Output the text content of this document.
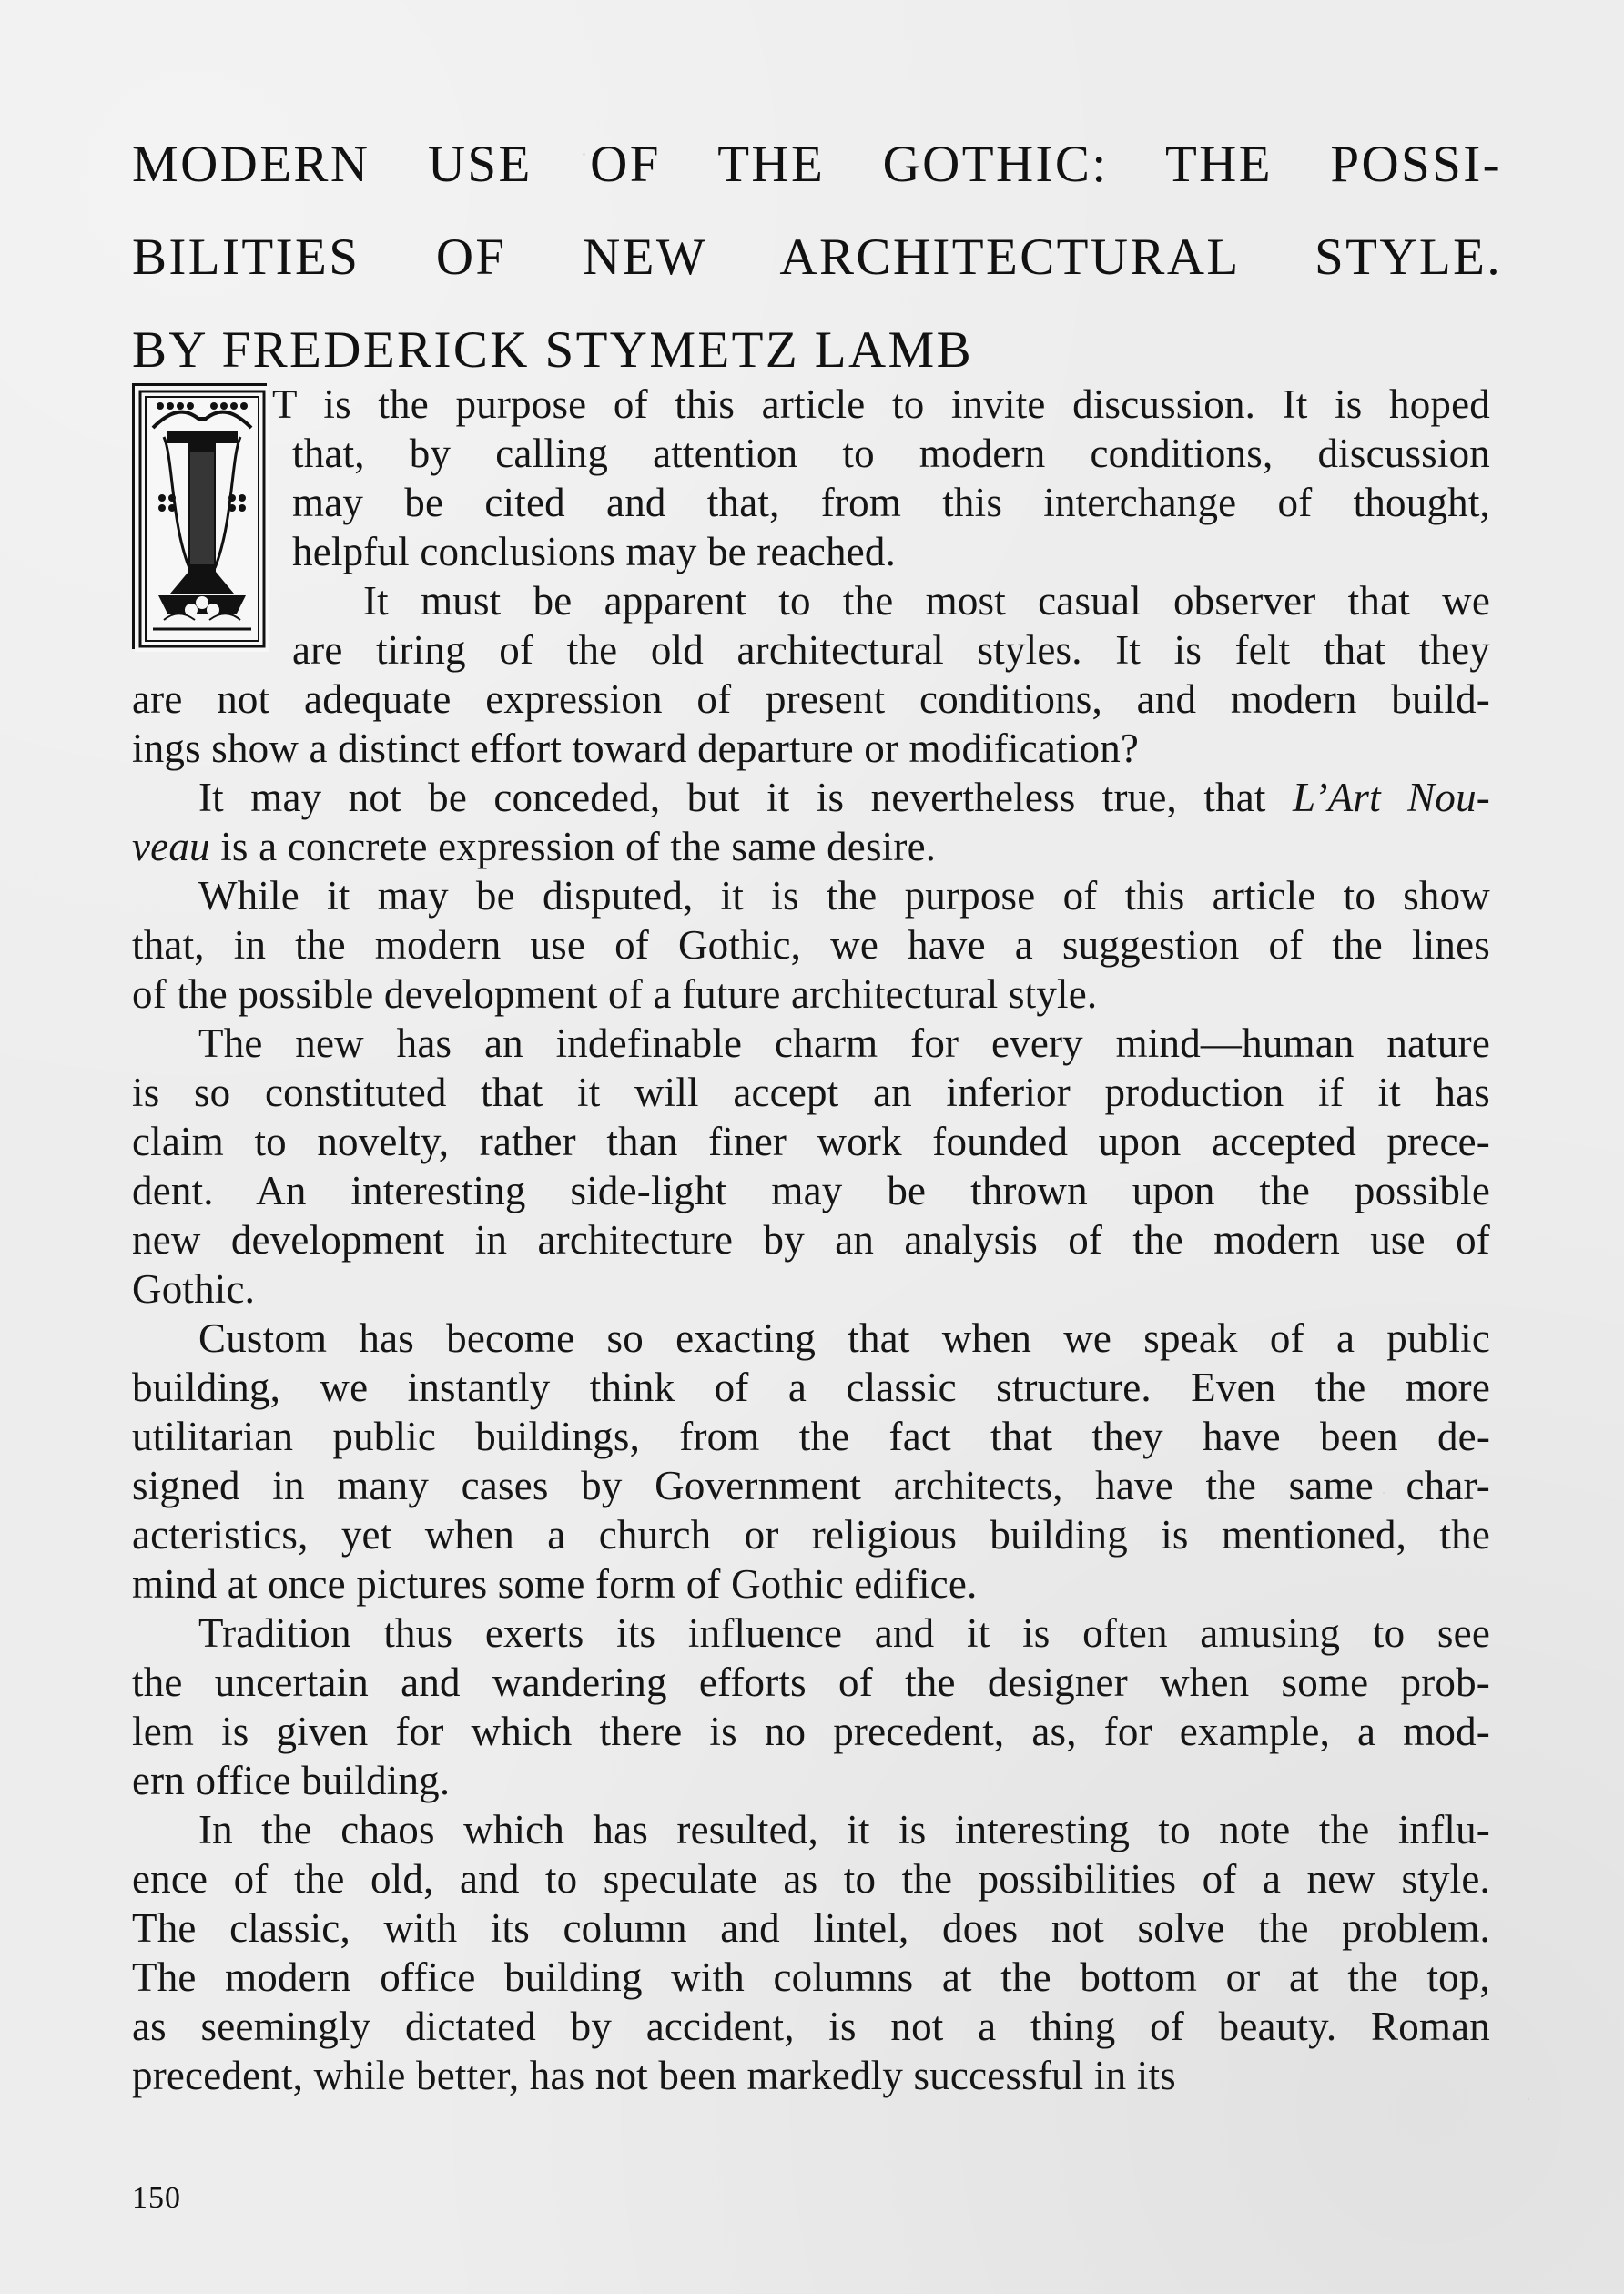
MODERN USE OF THE GOTHIC: THE POSSI-
BILITIES OF NEW ARCHITECTURAL STYLE.
BY FREDERICK STYMETZ LAMB
T is the purpose of this article to invite discussion. It is hoped
that, by calling attention to modern conditions, discussion
may be cited and that, from this interchange of thought,
helpful conclusions may be reached.
It must be apparent to the most casual observer that we
are tiring of the old architectural styles. It is felt that they
are not adequate expression of present conditions, and modern build-
ings show a distinct effort toward departure or modification?
It may not be conceded, but it is nevertheless true, that L’Art Nou-
veau is a concrete expression of the same desire.
While it may be disputed, it is the purpose of this article to show
that, in the modern use of Gothic, we have a suggestion of the lines
of the possible development of a future architectural style.
The new has an indefinable charm for every mind—human nature
is so constituted that it will accept an inferior production if it has
claim to novelty, rather than finer work founded upon accepted prece-
dent. An interesting side-light may be thrown upon the possible
new development in architecture by an analysis of the modern use of
Gothic.
Custom has become so exacting that when we speak of a public
building, we instantly think of a classic structure. Even the more
utilitarian public buildings, from the fact that they have been de-
signed in many cases by Government architects, have the same char-
acteristics, yet when a church or religious building is mentioned, the
mind at once pictures some form of Gothic edifice.
Tradition thus exerts its influence and it is often amusing to see
the uncertain and wandering efforts of the designer when some prob-
lem is given for which there is no precedent, as, for example, a mod-
ern office building.
In the chaos which has resulted, it is interesting to note the influ-
ence of the old, and to speculate as to the possibilities of a new style.
The classic, with its column and lintel, does not solve the problem.
The modern office building with columns at the bottom or at the top,
as seemingly dictated by accident, is not a thing of beauty. Roman
precedent, while better, has not been markedly successful in its
150
